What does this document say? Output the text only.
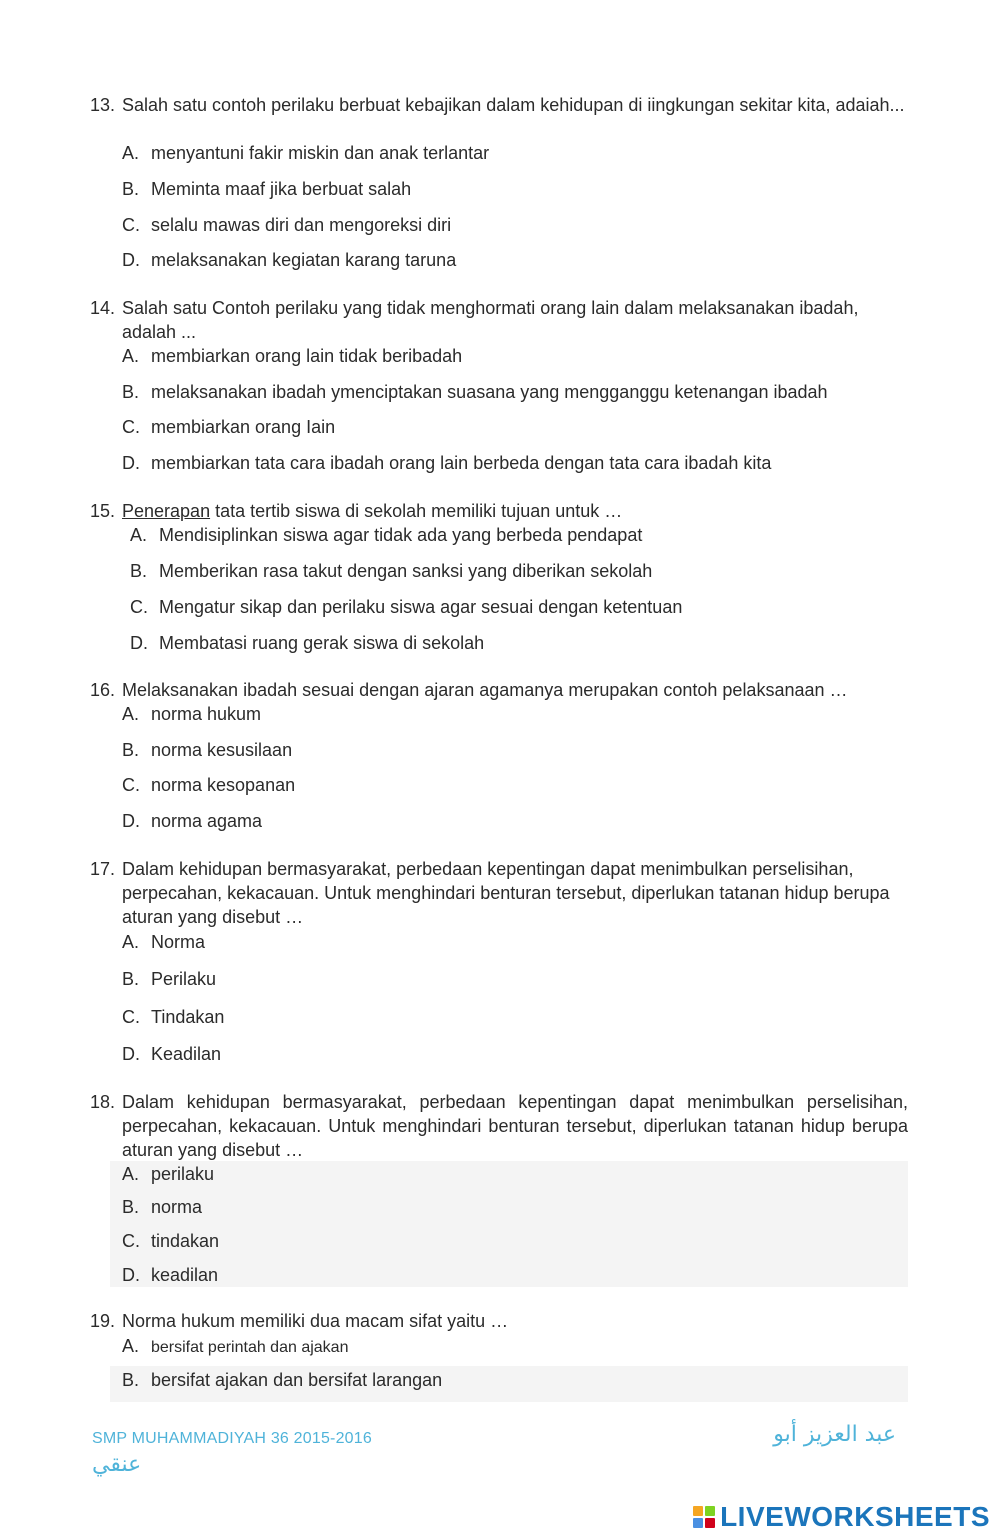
13. Salah satu contoh perilaku berbuat kebajikan dalam kehidupan di iingkungan sekitar kita, adaiah...
A. menyantuni fakir miskin dan anak terlantar
B. Meminta maaf jika berbuat salah
C. selalu mawas diri dan mengoreksi diri
D. melaksanakan kegiatan karang taruna
14. Salah satu Contoh perilaku yang tidak menghormati orang lain dalam melaksanakan ibadah, adalah ...
A. membiarkan orang lain tidak beribadah
B. melaksanakan ibadah ymenciptakan suasana yang mengganggu ketenangan ibadah
C. membiarkan orang Iain
D. membiarkan tata cara ibadah orang lain berbeda dengan tata cara ibadah kita
15. Penerapan tata tertib siswa di sekolah memiliki tujuan untuk …
A. Mendisiplinkan siswa agar tidak ada yang berbeda pendapat
B. Memberikan rasa takut dengan sanksi yang diberikan sekolah
C. Mengatur sikap dan perilaku siswa agar sesuai dengan ketentuan
D. Membatasi ruang gerak siswa di sekolah
16. Melaksanakan ibadah sesuai dengan ajaran agamanya merupakan contoh pelaksanaan …
A. norma hukum
B. norma kesusilaan
C. norma kesopanan
D. norma agama
17. Dalam kehidupan bermasyarakat, perbedaan kepentingan dapat menimbulkan perselisihan, perpecahan, kekacauan. Untuk menghindari benturan tersebut, diperlukan tatanan hidup berupa aturan yang disebut …
A. Norma
B. Perilaku
C. Tindakan
D. Keadilan
18. Dalam kehidupan bermasyarakat, perbedaan kepentingan dapat menimbulkan perselisihan, perpecahan, kekacauan. Untuk menghindari benturan tersebut, diperlukan tatanan hidup berupa aturan yang disebut …
A. perilaku
B. norma
C. tindakan
D. keadilan
19. Norma hukum memiliki dua macam sifat yaitu …
A. bersifat perintah dan ajakan
B. bersifat ajakan dan bersifat larangan
SMP MUHAMMADIYAH 36 2015-2016	عبد العزيز أبو
عنقي
LIVEWORKSHEETS
